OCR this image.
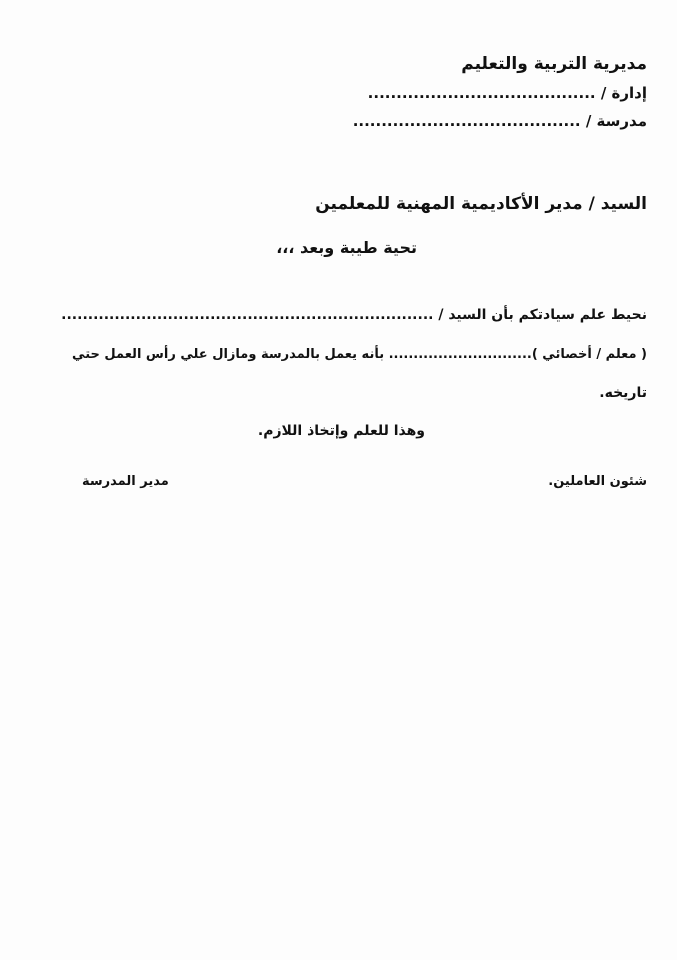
مديرية التربية والتعليم
إدارة / ........................................
مدرسة / ........................................
السيد / مدير الأكاديمية المهنية للمعلمين
تحية طيبة وبعد ،،،
نحيط علم سيادتكم بأن السيد / ......................................................................
( معلم / أخصائي )............................. بأنه يعمل بالمدرسة ومازال علي رأس العمل حتي
تاريخه.
وهذا للعلم وإتخاذ اللازم.
شئون العاملين.
مدير المدرسة
